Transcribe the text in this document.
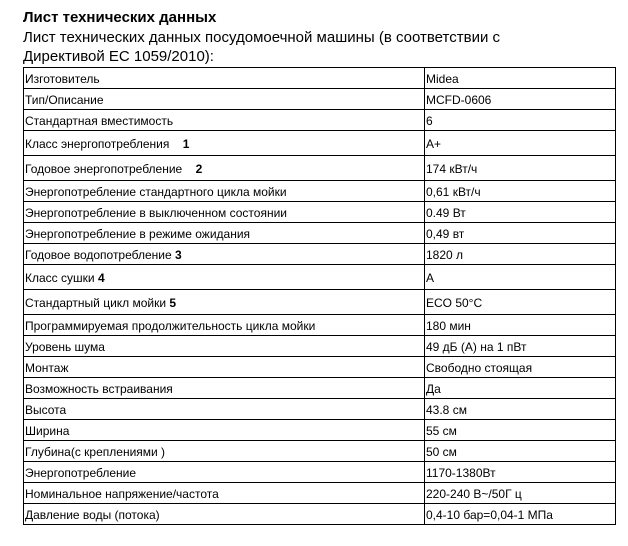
Лист технических данных
Лист технических данных посудомоечной машины (в соответствии с Директивой ЕС 1059/2010):
Изготовитель	Midea
Тип/Описание	MCFD-0606
Стандартная вместимость	6
Класс энергопотребления 1	A+
Годовое энергопотребление 2	174 кВт/ч
Энергопотребление стандартного цикла мойки	0,61 кВт/ч
Энергопотребление в выключенном состоянии	0.49 Вт
Энергопотребление в режиме ожидания	0,49 вт
Годовое водопотребление 3	1820 л
Класс сушки 4	A
Стандартный цикл мойки 5	ECO 50°C
Программируемая продолжительность цикла мойки	180 мин
Уровень шума	49 дБ (A) на 1 пВт
Монтаж	Свободно стоящая
Возможность встраивания	Да
Высота	43.8 см
Ширина	55 см
Глубина(с креплениями )	50 см
Энергопотребление	1170-1380Вт
Номинальное напряжение/частота	220-240 В~/50Г ц
Давление воды (потока)	0,4-10 бар=0,04-1 МПа
